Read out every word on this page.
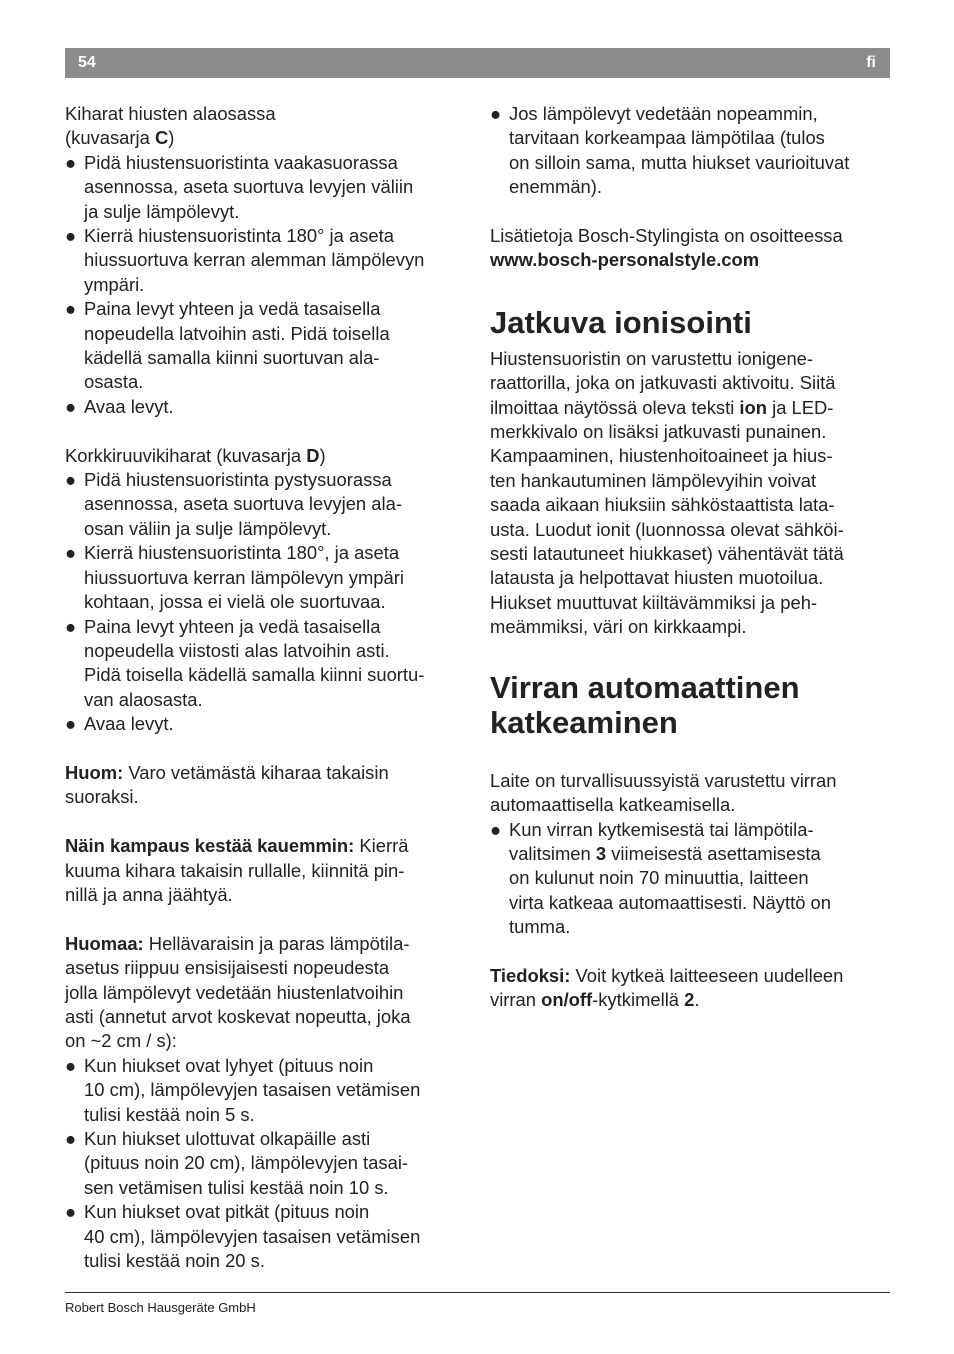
54	fi

Kiharat hiusten alaosassa
(kuvasarja C)

● Pidä hiustensuoristinta vaakasuorassa
asennossa, aseta suortuva levyjen väliin
ja sulje lämpölevyt.
● Kierrä hiustensuoristinta 180° ja aseta
hiussuortuva kerran alemman lämpölevyn
ympäri.
● Paina levyt yhteen ja vedä tasaisella
nopeudella latvoihin asti. Pidä toisella
kädellä samalla kiinni suortuvan ala-
osasta.
● Avaa levyt.

Korkkiruuvikiharat (kuvasarja D)

● Pidä hiustensuoristinta pystysuorassa
asennossa, aseta suortuva levyjen ala-
osan väliin ja sulje lämpölevyt.
● Kierrä hiustensuoristinta 180°, ja aseta
hiussuortuva kerran lämpölevyn ympäri
kohtaan, jossa ei vielä ole suortuvaa.
● Paina levyt yhteen ja vedä tasaisella
nopeudella viistosti alas latvoihin asti.
Pidä toisella kädellä samalla kiinni suortu-
van alaosasta.
● Avaa levyt.

Huom: Varo vetämästä kiharaa takaisin
suoraksi.

Näin kampaus kestää kauemmin: Kierrä
kuuma kihara takaisin rullalle, kiinnitä pin-
nillä ja anna jäähtyä.

Huomaa: Hellävaraisin ja paras lämpötila-
asetus riippuu ensisijaisesti nopeudesta
jolla lämpölevyt vedetään hiustenlatvoihin
asti (annetut arvot koskevat nopeutta, joka
on ~2 cm / s):

● Kun hiukset ovat lyhyet (pituus noin
10 cm), lämpölevyjen tasaisen vetämisen
tulisi kestää noin 5 s.
● Kun hiukset ulottuvat olkapäille asti
(pituus noin 20 cm), lämpölevyjen tasai-
sen vetämisen tulisi kestää noin 10 s.
● Kun hiukset ovat pitkät (pituus noin
40 cm), lämpölevyjen tasaisen vetämisen
tulisi kestää noin 20 s.
● Jos lämpölevyt vedetään nopeammin,
tarvitaan korkeampaa lämpötilaa (tulos
on silloin sama, mutta hiukset vaurioituvat
enemmän).

Lisätietoja Bosch-Stylingista on osoitteessa
www.bosch-personalstyle.com

Jatkuva ionisointi

Hiustensuoristin on varustettu ionigene-
raattorilla, joka on jatkuvasti aktivoitu. Siitä
ilmoittaa näytössä oleva teksti ion ja LED-
merkkivalo on lisäksi jatkuvasti punainen.
Kampaaminen, hiustenhoitoaineet ja hius-
ten hankautuminen lämpölevyihin voivat
saada aikaan hiuksiin sähköstaattista lata-
usta. Luodut ionit (luonnossa olevat sähköi-
sesti latautuneet hiukkaset) vähentävät tätä
latausta ja helpottavat hiusten muotoilua.
Hiukset muuttuvat kiiltävämmiksi ja peh-
meämmiksi, väri on kirkkaampi.

Virran automaattinen
katkeaminen

Laite on turvallisuussyistä varustettu virran
automaattisella katkeamisella.

● Kun virran kytkemisestä tai lämpötila-
valitsimen 3 viimeisestä asettamisesta
on kulunut noin 70 minuuttia, laitteen
virta katkeaa automaattisesti. Näyttö on
tumma.

Tiedoksi: Voit kytkeä laitteeseen uudelleen
virran on/off-kytkimellä 2.

Robert Bosch Hausgeräte GmbH
